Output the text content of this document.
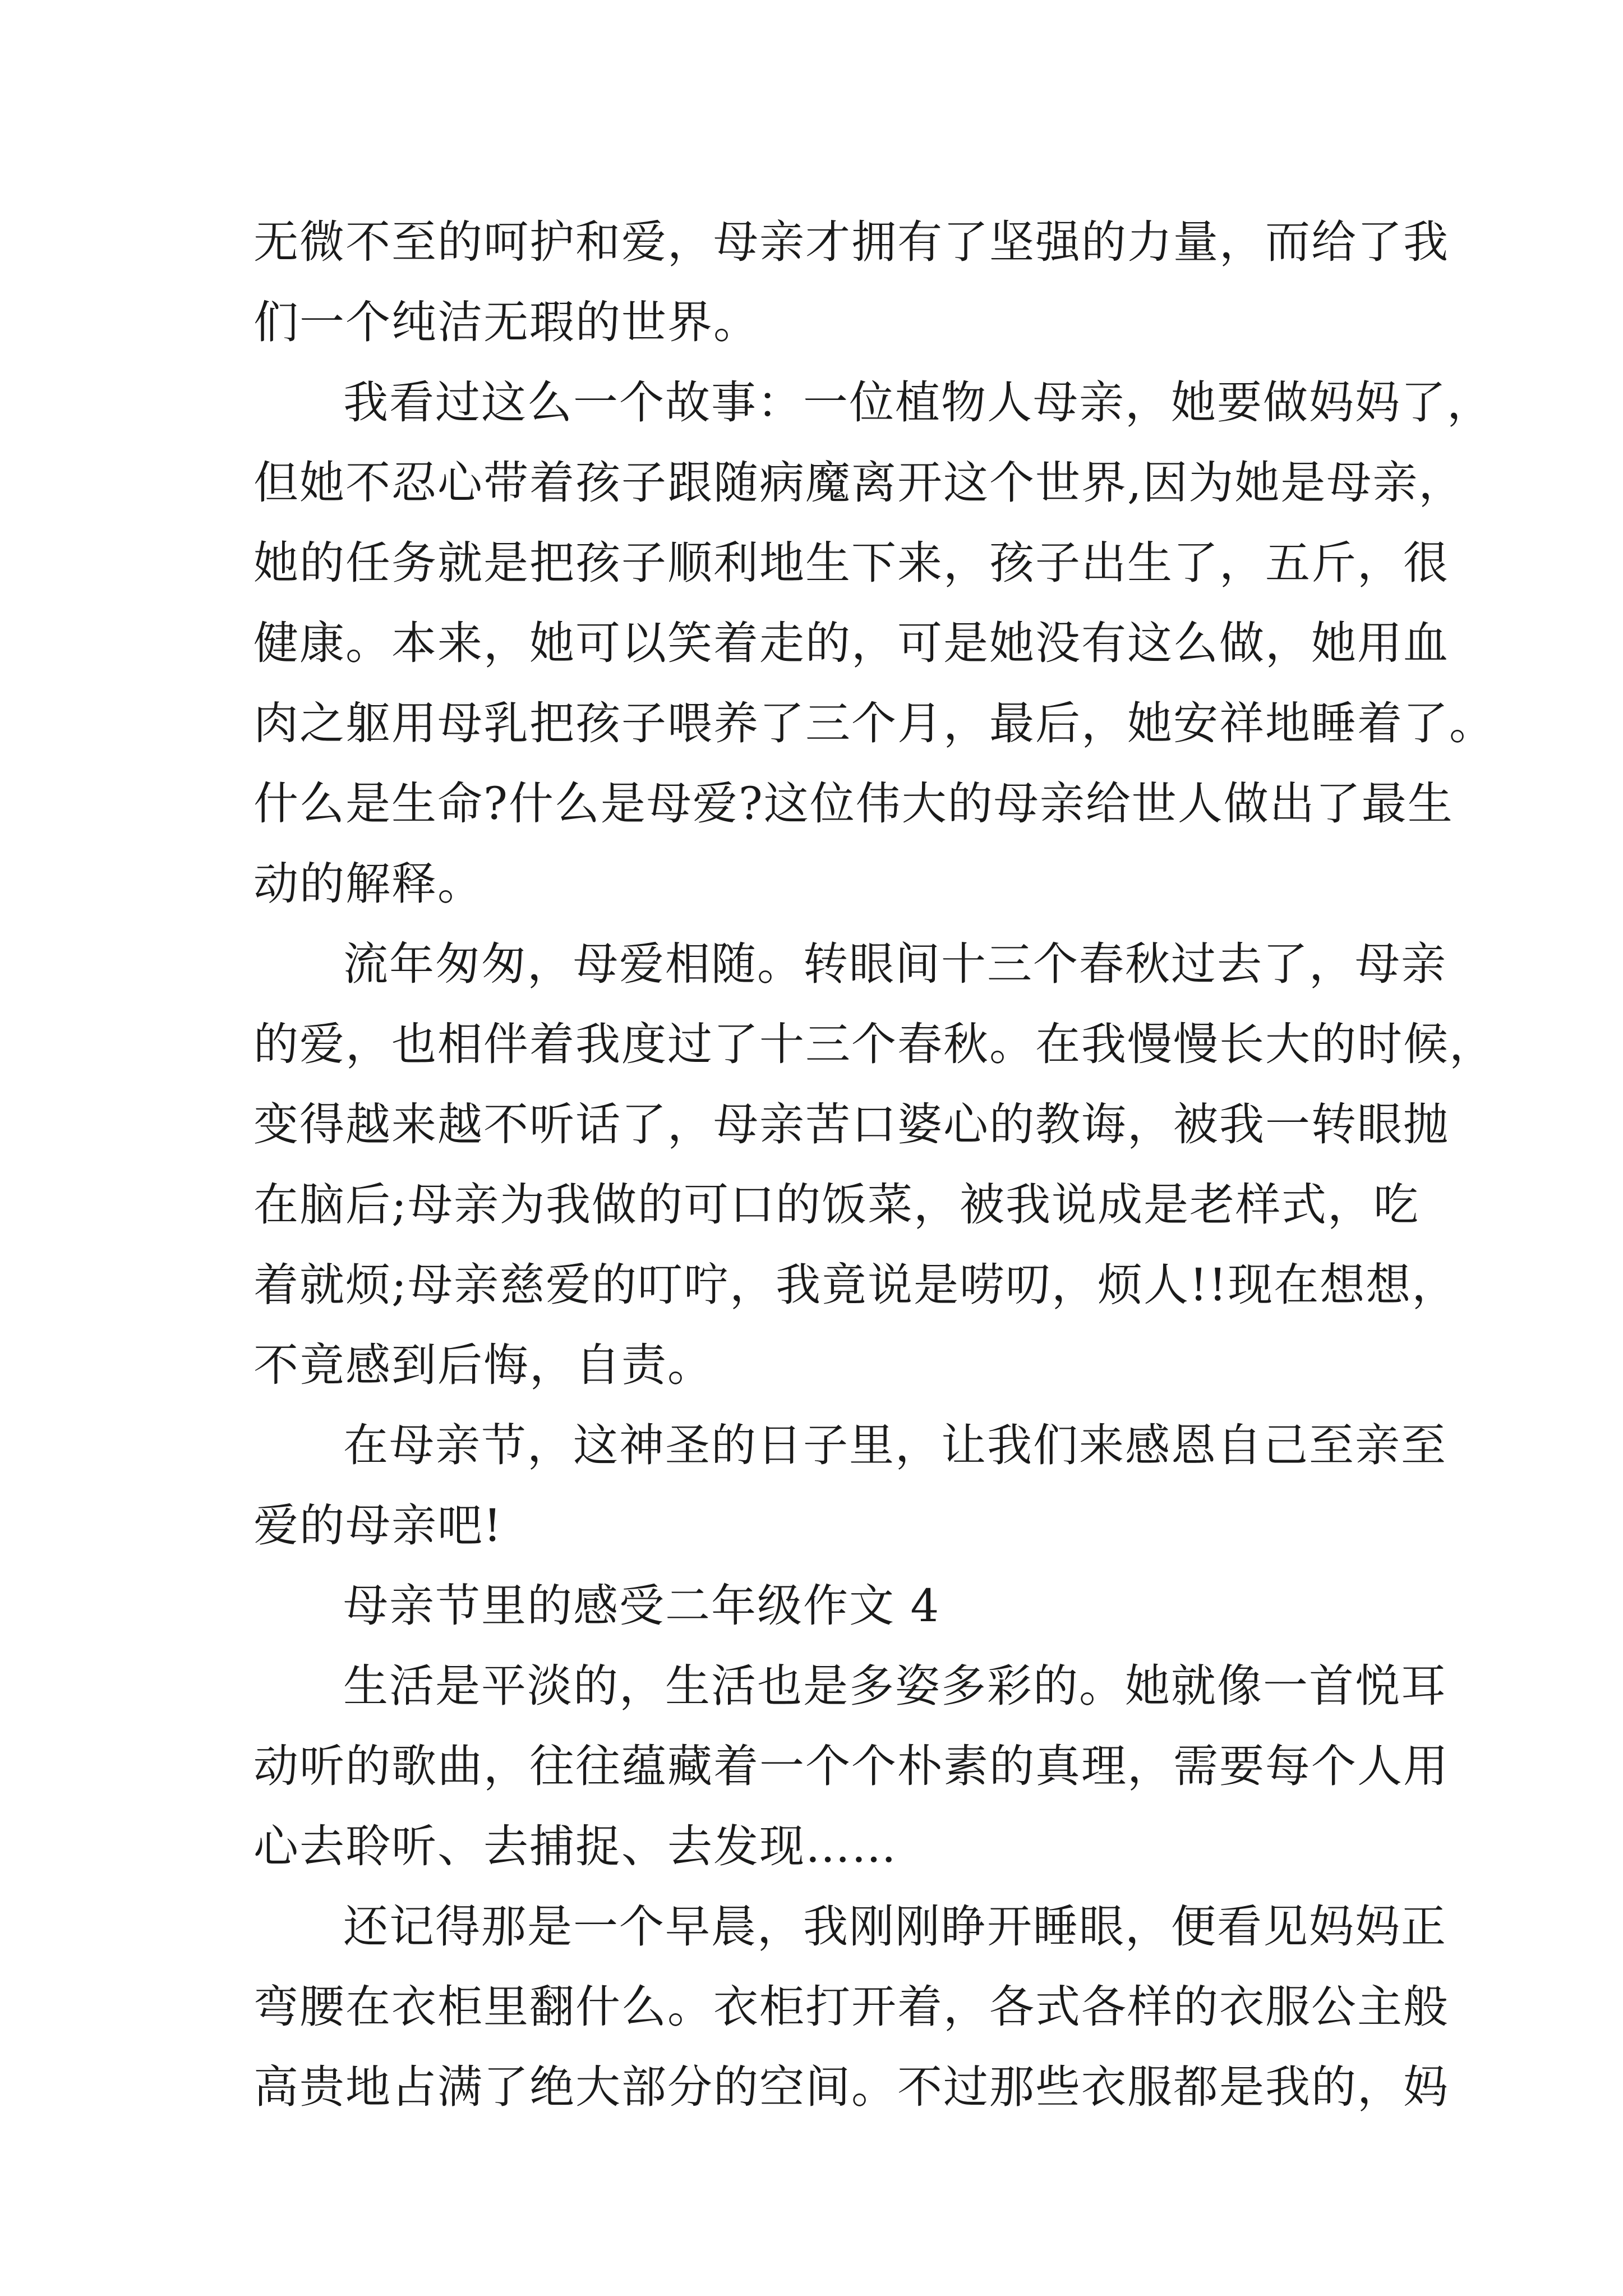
无微不至的呵护和爱，母亲才拥有了坚强的力量，而给了我
们一个纯洁无瑕的世界。
我看过这么一个故事：一位植物人母亲，她要做妈妈了，
但她不忍心带着孩子跟随病魔离开这个世界,因为她是母亲，
她的任务就是把孩子顺利地生下来，孩子出生了，五斤，很
健康。本来，她可以笑着走的，可是她没有这么做，她用血
肉之躯用母乳把孩子喂养了三个月，最后，她安祥地睡着了。
什么是生命?什么是母爱?这位伟大的母亲给世人做出了最生
动的解释。
流年匆匆，母爱相随。转眼间十三个春秋过去了，母亲
的爱，也相伴着我度过了十三个春秋。在我慢慢长大的时候，
变得越来越不听话了，母亲苦口婆心的教诲，被我一转眼抛
在脑后;母亲为我做的可口的饭菜，被我说成是老样式，吃
着就烦;母亲慈爱的叮咛，我竟说是唠叨，烦人!!现在想想，
不竟感到后悔，自责。
在母亲节，这神圣的日子里，让我们来感恩自己至亲至
爱的母亲吧!
母亲节里的感受二年级作文 4
生活是平淡的，生活也是多姿多彩的。她就像一首悦耳
动听的歌曲，往往蕴藏着一个个朴素的真理，需要每个人用
心去聆听、去捕捉、去发现……
还记得那是一个早晨，我刚刚睁开睡眼，便看见妈妈正
弯腰在衣柜里翻什么。衣柜打开着，各式各样的衣服公主般
高贵地占满了绝大部分的空间。不过那些衣服都是我的，妈
